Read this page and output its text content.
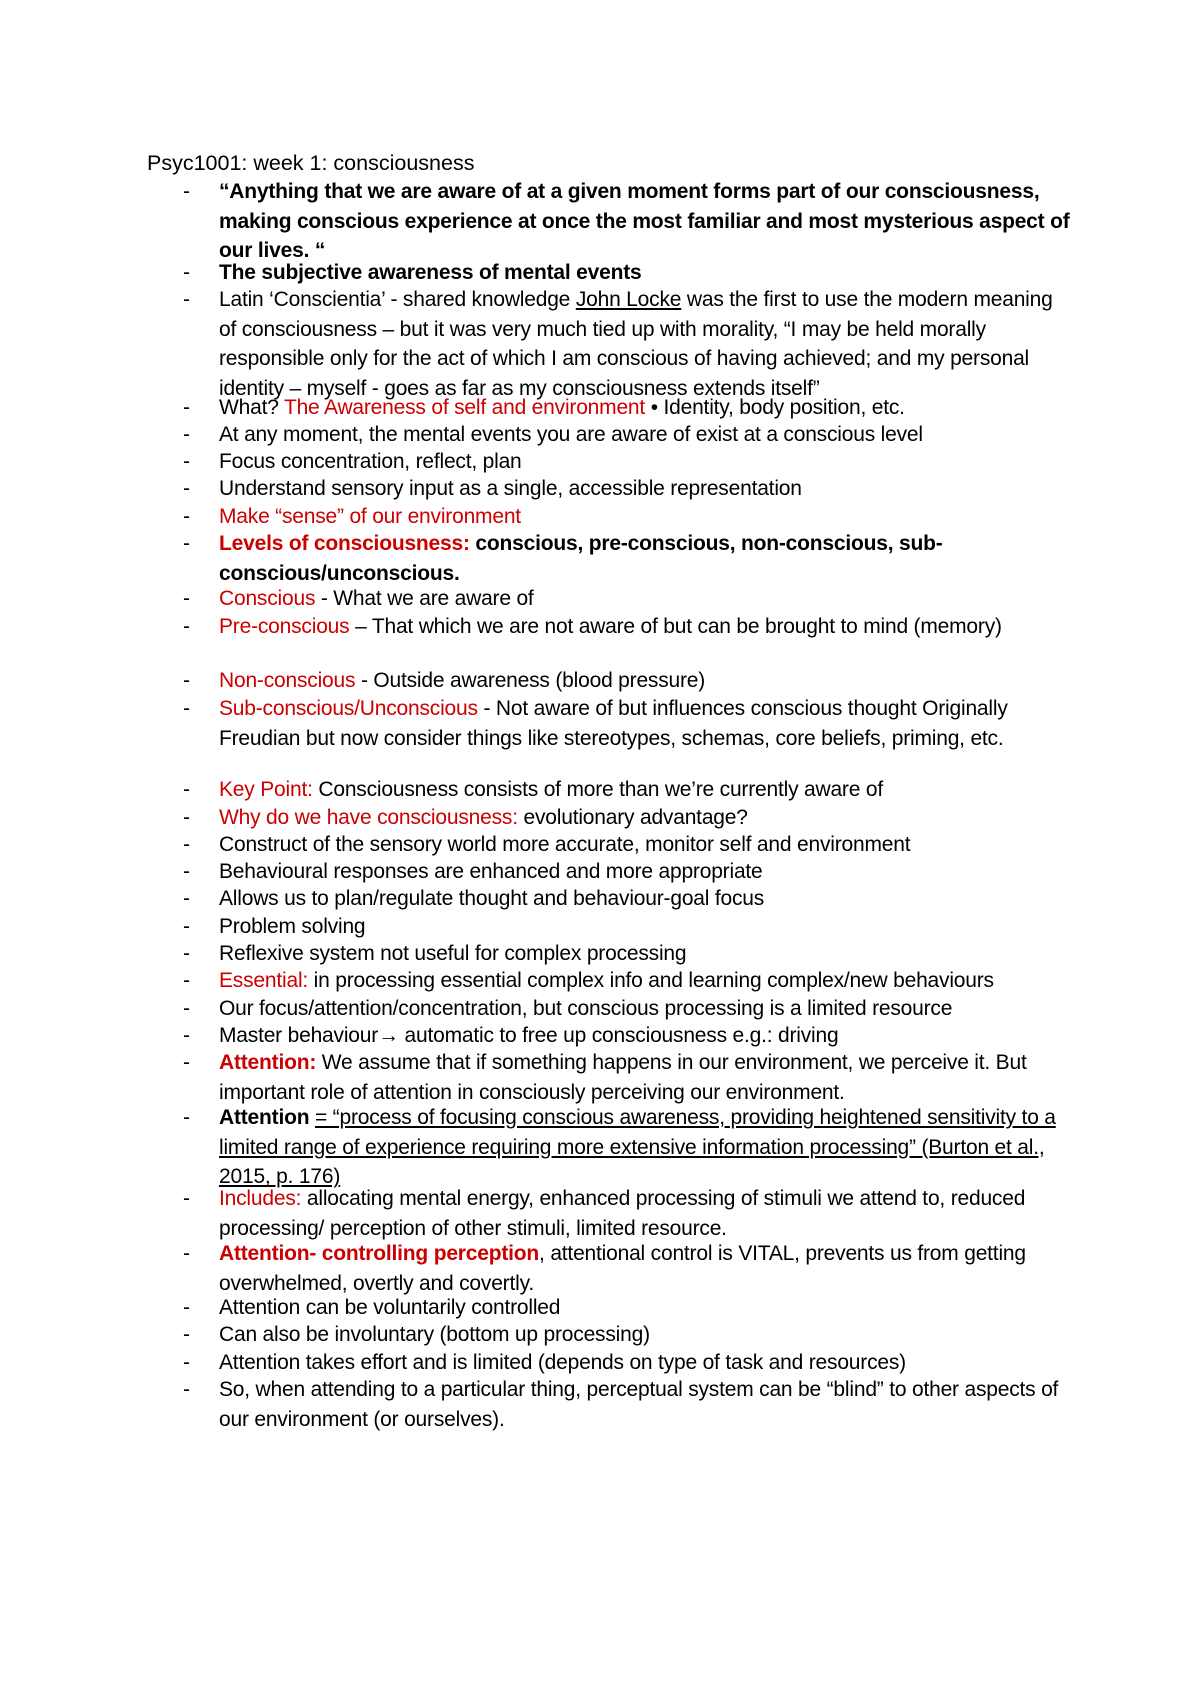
Psyc1001: week 1: consciousness
- “Anything that we are aware of at a given moment forms part of our consciousness, making conscious experience at once the most familiar and most mysterious aspect of our lives. “
- The subjective awareness of mental events
- Latin ‘Conscientia’ - shared knowledge John Locke was the first to use the modern meaning of consciousness – but it was very much tied up with morality, “I may be held morally responsible only for the act of which I am conscious of having achieved; and my personal identity – myself - goes as far as my consciousness extends itself”
- What? The Awareness of self and environment • Identity, body position, etc.
- At any moment, the mental events you are aware of exist at a conscious level
- Focus concentration, reflect, plan
- Understand sensory input as a single, accessible representation
- Make “sense” of our environment
- Levels of consciousness: conscious, pre-conscious, non-conscious, sub-conscious/unconscious.
- Conscious - What we are aware of
- Pre-conscious – That which we are not aware of but can be brought to mind (memory)
- Non-conscious - Outside awareness (blood pressure)
- Sub-conscious/Unconscious - Not aware of but influences conscious thought Originally Freudian but now consider things like stereotypes, schemas, core beliefs, priming, etc.
- Key Point: Consciousness consists of more than we’re currently aware of
- Why do we have consciousness: evolutionary advantage?
- Construct of the sensory world more accurate, monitor self and environment
- Behavioural responses are enhanced and more appropriate
- Allows us to plan/regulate thought and behaviour-goal focus
- Problem solving
- Reflexive system not useful for complex processing
- Essential: in processing essential complex info and learning complex/new behaviours
- Our focus/attention/concentration, but conscious processing is a limited resource
- Master behaviour→ automatic to free up consciousness e.g.: driving
- Attention: We assume that if something happens in our environment, we perceive it. But important role of attention in consciously perceiving our environment.
- Attention = “process of focusing conscious awareness, providing heightened sensitivity to a limited range of experience requiring more extensive information processing” (Burton et al., 2015, p. 176)
- Includes: allocating mental energy, enhanced processing of stimuli we attend to, reduced processing/ perception of other stimuli, limited resource.
- Attention- controlling perception, attentional control is VITAL, prevents us from getting overwhelmed, overtly and covertly.
- Attention can be voluntarily controlled
- Can also be involuntary (bottom up processing)
- Attention takes effort and is limited (depends on type of task and resources)
- So, when attending to a particular thing, perceptual system can be “blind” to other aspects of our environment (or ourselves).
